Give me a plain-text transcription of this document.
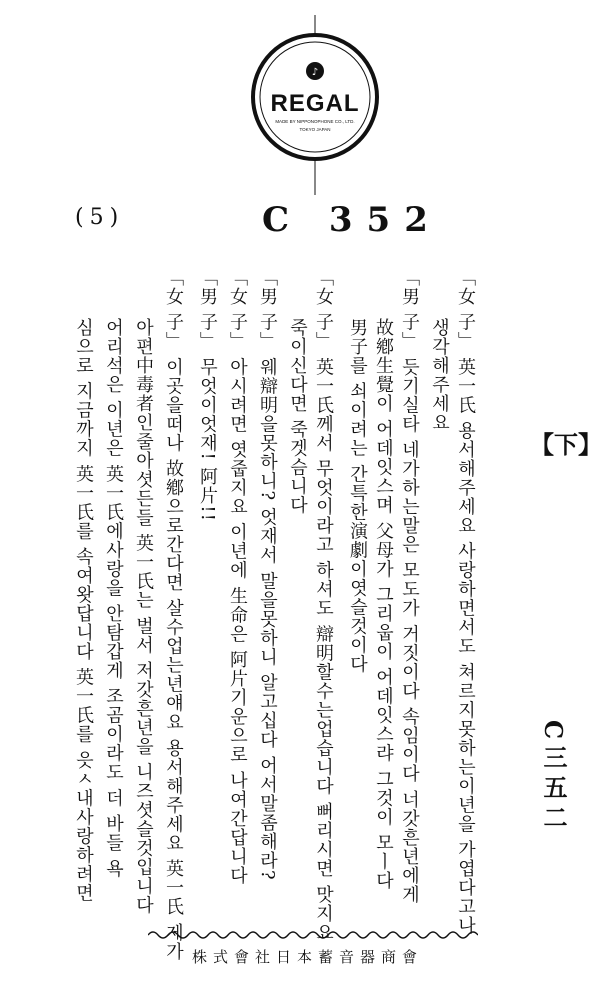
♪
REGAL
MADE BY NIPPONOPHONE CO., LTD.
TOKYO JAPAN
(5)	C 352
「女 子」 英一氏 용서해주세요 사랑하면서도 쳐르지못하는이년을 가엽다고나
생각해주세요
「男 子」 듯기실타 네가하는말은 모도가 거짓이다 속임이다 너갓흔년에게
故鄕生覺이 어데잇스며 父母가 그리웁이 어데잇스랴 그것이 모ㅣ다
男子를 쇠이려는 간특한演劇이엿슬것이다
「女 子」 英一氏께서 무엇이라고 하셔도 辯明할수는업습니다 뻐리시면 맛지요
죽이신다면 죽겟슴니다
「男 子」 웨辯明을못하니? 엇재서 말을못하니 알고십다 어서말좀해라?
「女 子」 아시려면 엿줍지요 이년에 生命은 阿片기운으로 나여간답니다
「男 子」 무엇이엇재! 阿片!!
「女 子」 이곳을떠나 故鄕으로간다면 살수업는년얘요 용서해주세요 英一氏 제가
아편中毒者인줄아셧든들 英一氏는 벌서 저갓흔년을 니즈셧슬것입니다
어리석은 이년은 英一氏에사랑을 안탐갑게 조곰이라도 더 바들 욕
심으로 지금까지 英一氏를 속여왓답니다 英一氏를 읏ㅅ내사랑하려면	【下】
C三五二
株式會社日本蓄音器商會
